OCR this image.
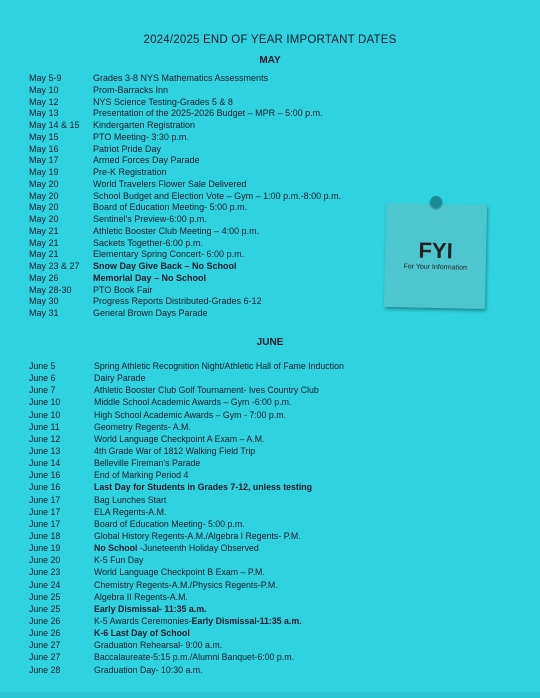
2024/2025 END OF YEAR IMPORTANT DATES
MAY
May 5-9	Grades 3-8 NYS Mathematics Assessments
May 10	Prom-Barracks Inn
May 12	NYS Science Testing-Grades 5 & 8
May 13	Presentation of the 2025-2026 Budget – MPR – 5:00 p.m.
May 14 & 15	Kindergarten Registration
May 15	PTO Meeting- 3:30 p.m.
May 16	Patriot Pride Day
May 17	Armed Forces Day Parade
May 19	Pre-K Registration
May 20	World Travelers Flower Sale Delivered
May 20	School Budget and Election Vote – Gym – 1:00 p.m.-8:00 p.m.
May 20	Board of Education Meeting- 5:00 p.m.
May 20	Sentinel's Preview-6:00 p.m.
May 21	Athletic Booster Club Meeting – 4:00 p.m.
May 21	Sackets Together-6:00 p.m.
May 21	Elementary Spring Concert- 6:00 p.m.
May 23 & 27	Snow Day Give Back – No School
May 26	Memorial Day – No School
May 28-30	PTO Book Fair
May 30	Progress Reports Distributed-Grades 6-12
May 31	General Brown Days Parade
JUNE
June 5	Spring Athletic Recognition Night/Athletic Hall of Fame Induction
June 6	Dairy Parade
June 7	Athletic Booster Club Golf Tournament- Ives Country Club
June 10	Middle School Academic Awards – Gym -6:00 p.m.
June 10	High School Academic Awards – Gym - 7:00 p.m.
June 11	Geometry Regents- A.M.
June 12	World Language Checkpoint A Exam – A.M.
June 13	4th Grade War of 1812 Walking Field Trip
June 14	Belleville Fireman's Parade
June 16	End of Marking Period 4
June 16	Last Day for Students in Grades 7-12, unless testing
June 17	Bag Lunches Start
June 17	ELA Regents-A.M.
June 17	Board of Education Meeting- 5:00 p.m.
June 18	Global History Regents-A.M./Algebra I Regents- P.M.
June 19	No School -Juneteenth Holiday Observed
June 20	K-5 Fun Day
June 23	World Language Checkpoint B Exam – P.M.
June 24	Chemistry Regents-A.M./Physics Regents-P.M.
June 25	Algebra II Regents-A.M.
June 25	Early Dismissal- 11:35 a.m.
June 26	K-5 Awards Ceremonies-Early Dismissal-11:35 a.m.
June 26	K-6 Last Day of School
June 27	Graduation Rehearsal- 9:00 a.m.
June 27	Baccalaureate-5:15 p.m./Alumni Banquet-6:00 p.m.
June 28	Graduation Day- 10:30 a.m.
FYI
For Your Information
